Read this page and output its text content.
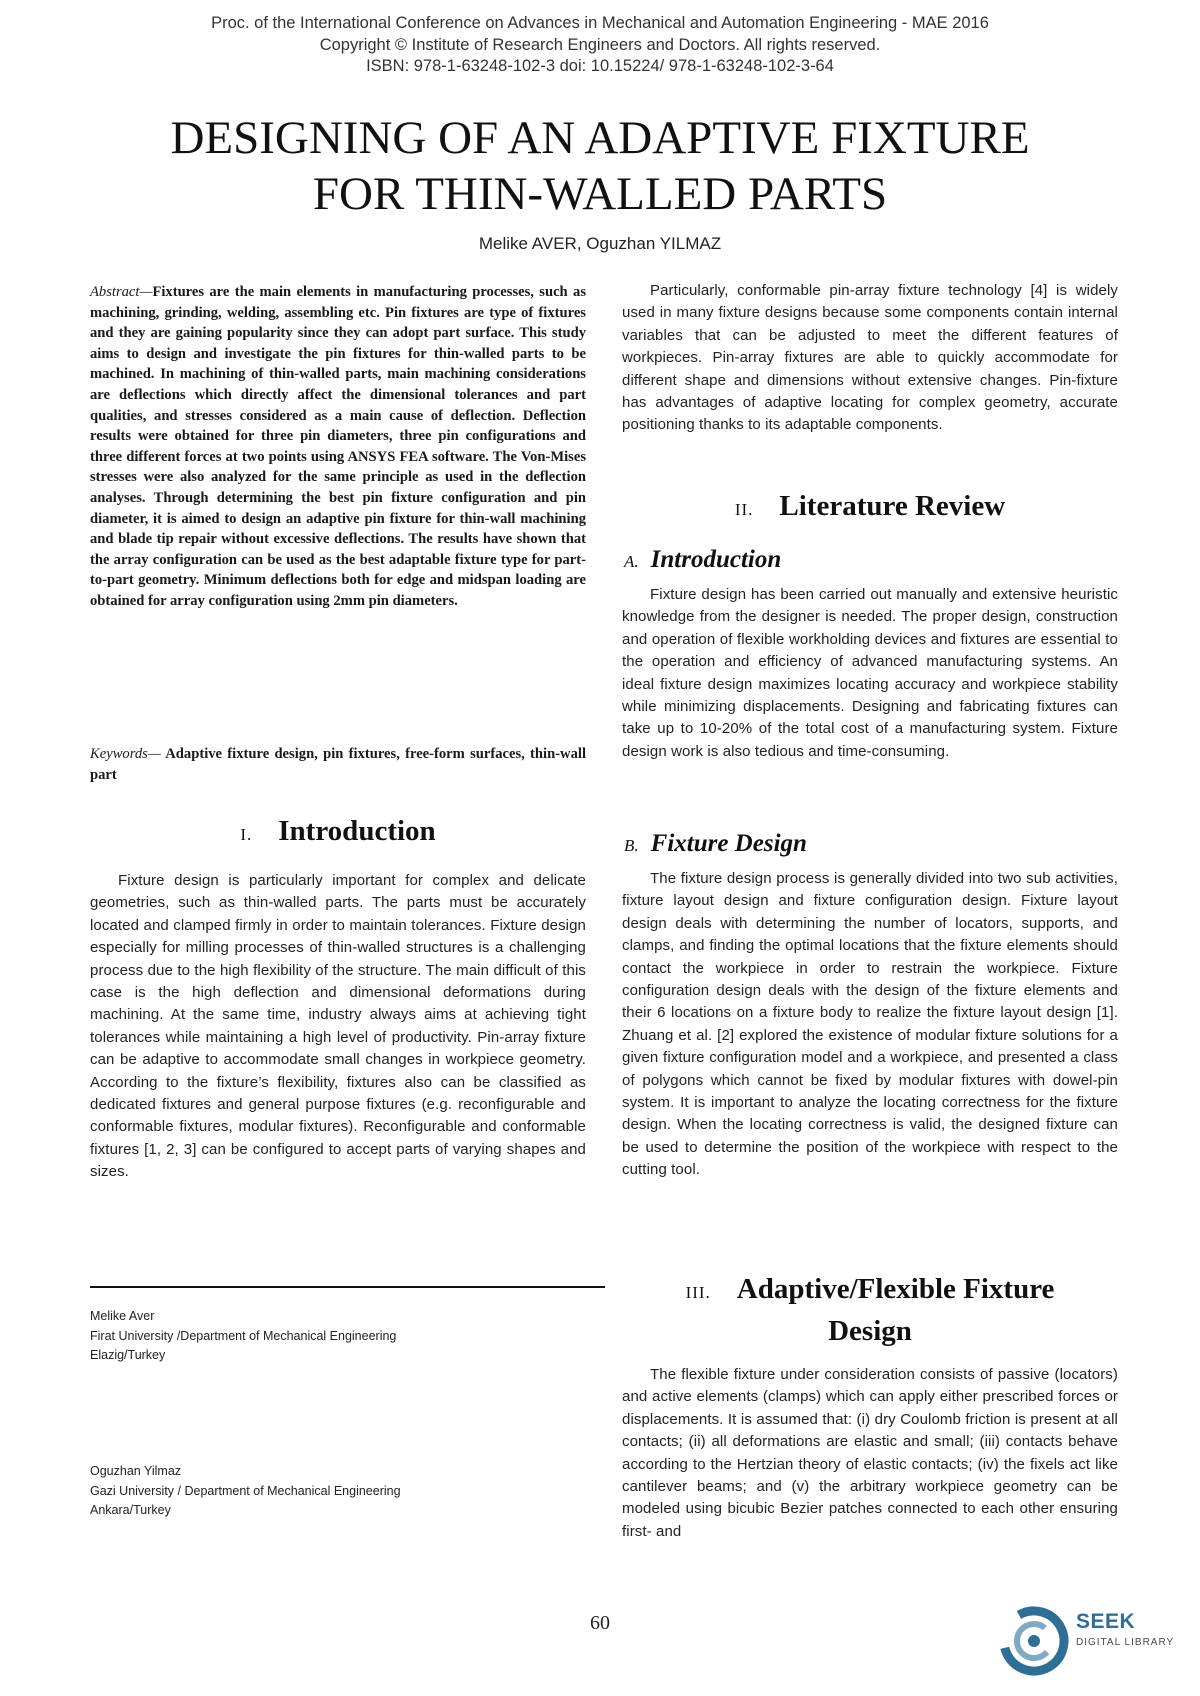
Proc. of the International Conference on Advances in Mechanical and Automation Engineering - MAE 2016
Copyright © Institute of Research Engineers and Doctors. All rights reserved.
ISBN: 978-1-63248-102-3 doi: 10.15224/ 978-1-63248-102-3-64
DESIGNING OF AN ADAPTIVE FIXTURE
FOR THIN-WALLED PARTS
Melike AVER, Oguzhan YILMAZ

Abstract—Fixtures are the main elements in manufacturing processes, such as machining, grinding, welding, assembling etc. Pin fixtures are type of fixtures and they are gaining popularity since they can adopt part surface. This study aims to design and investigate the pin fixtures for thin-walled parts to be machined. In machining of thin-walled parts, main machining considerations are deflections which directly affect the dimensional tolerances and part qualities, and stresses considered as a main cause of deflection. Deflection results were obtained for three pin diameters, three pin configurations and three different forces at two points using ANSYS FEA software. The Von-Mises stresses were also analyzed for the same principle as used in the deflection analyses. Through determining the best pin fixture configuration and pin diameter, it is aimed to design an adaptive pin fixture for thin-wall machining and blade tip repair without excessive deflections. The results have shown that the array configuration can be used as the best adaptable fixture type for part-to-part geometry. Minimum deflections both for edge and midspan loading are obtained for array configuration using 2mm pin diameters.

Keywords— Adaptive fixture design, pin fixtures, free-form surfaces, thin-wall part

I. Introduction

Fixture design is particularly important for complex and delicate geometries, such as thin-walled parts. The parts must be accurately located and clamped firmly in order to maintain tolerances. Fixture design especially for milling processes of thin-walled structures is a challenging process due to the high flexibility of the structure. The main difficult of this case is the high deflection and dimensional deformations during machining. At the same time, industry always aims at achieving tight tolerances while maintaining a high level of productivity. Pin-array fixture can be adaptive to accommodate small changes in workpiece geometry. According to the fixture’s flexibility, fixtures also can be classified as dedicated fixtures and general purpose fixtures (e.g. reconfigurable and conformable fixtures, modular fixtures). Reconfigurable and conformable fixtures [1, 2, 3] can be configured to accept parts of varying shapes and sizes.

Melike Aver
Firat University /Department of Mechanical Engineering
Elazig/Turkey
Oguzhan Yilmaz
Gazi University / Department of Mechanical Engineering
Ankara/Turkey

Particularly, conformable pin-array fixture technology [4] is widely used in many fixture designs because some components contain internal variables that can be adjusted to meet the different features of workpieces. Pin-array fixtures are able to quickly accommodate for different shape and dimensions without extensive changes. Pin-fixture has advantages of adaptive locating for complex geometry, accurate positioning thanks to its adaptable components.

II. Literature Review
A. Introduction

Fixture design has been carried out manually and extensive heuristic knowledge from the designer is needed. The proper design, construction and operation of flexible workholding devices and fixtures are essential to the operation and efficiency of advanced manufacturing systems. An ideal fixture design maximizes locating accuracy and workpiece stability while minimizing displacements. Designing and fabricating fixtures can take up to 10-20% of the total cost of a manufacturing system. Fixture design work is also tedious and time-consuming.

B. Fixture Design

The fixture design process is generally divided into two sub activities, fixture layout design and fixture configuration design. Fixture layout design deals with determining the number of locators, supports, and clamps, and finding the optimal locations that the fixture elements should contact the workpiece in order to restrain the workpiece. Fixture configuration design deals with the design of the fixture elements and their 6 locations on a fixture body to realize the fixture layout design [1]. Zhuang et al. [2] explored the existence of modular fixture solutions for a given fixture configuration model and a workpiece, and presented a class of polygons which cannot be fixed by modular fixtures with dowel-pin system. It is important to analyze the locating correctness for the fixture design. When the locating correctness is valid, the designed fixture can be used to determine the position of the workpiece with respect to the cutting tool.

III. Adaptive/Flexible Fixture
Design

The flexible fixture under consideration consists of passive (locators) and active elements (clamps) which can apply either prescribed forces or displacements. It is assumed that: (i) dry Coulomb friction is present at all contacts; (ii) all deformations are elastic and small; (iii) contacts behave according to the Hertzian theory of elastic contacts; (iv) the fixels act like cantilever beams; and (v) the arbitrary workpiece geometry can be modeled using bicubic Bezier patches connected to each other ensuring first- and

60	SEEK
DIGITAL LIBRARY
